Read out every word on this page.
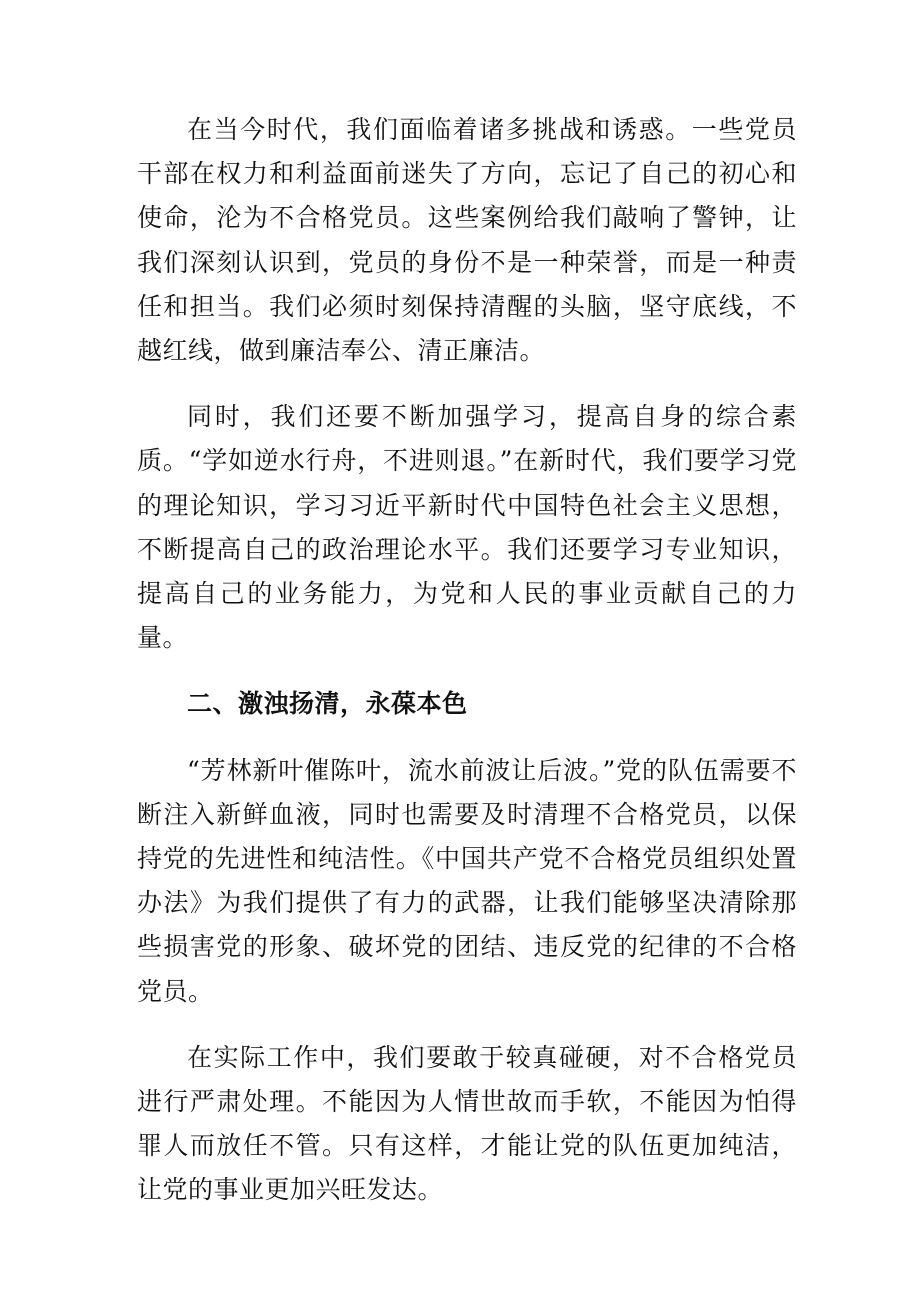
在当今时代，我们面临着诸多挑战和诱惑。一些党员干部在权力和利益面前迷失了方向，忘记了自己的初心和使命，沦为不合格党员。这些案例给我们敲响了警钟，让我们深刻认识到，党员的身份不是一种荣誉，而是一种责任和担当。我们必须时刻保持清醒的头脑，坚守底线，不越红线，做到廉洁奉公、清正廉洁。

同时，我们还要不断加强学习，提高自身的综合素质。“学如逆水行舟，不进则退。”在新时代，我们要学习党的理论知识，学习习近平新时代中国特色社会主义思想，不断提高自己的政治理论水平。我们还要学习专业知识，提高自己的业务能力，为党和人民的事业贡献自己的力量。

二、激浊扬清，永葆本色

“芳林新叶催陈叶，流水前波让后波。”党的队伍需要不断注入新鲜血液，同时也需要及时清理不合格党员，以保持党的先进性和纯洁性。《中国共产党不合格党员组织处置办法》为我们提供了有力的武器，让我们能够坚决清除那些损害党的形象、破坏党的团结、违反党的纪律的不合格党员。

在实际工作中，我们要敢于较真碰硬，对不合格党员进行严肃处理。不能因为人情世故而手软，不能因为怕得罪人而放任不管。只有这样，才能让党的队伍更加纯洁，让党的事业更加兴旺发达。
